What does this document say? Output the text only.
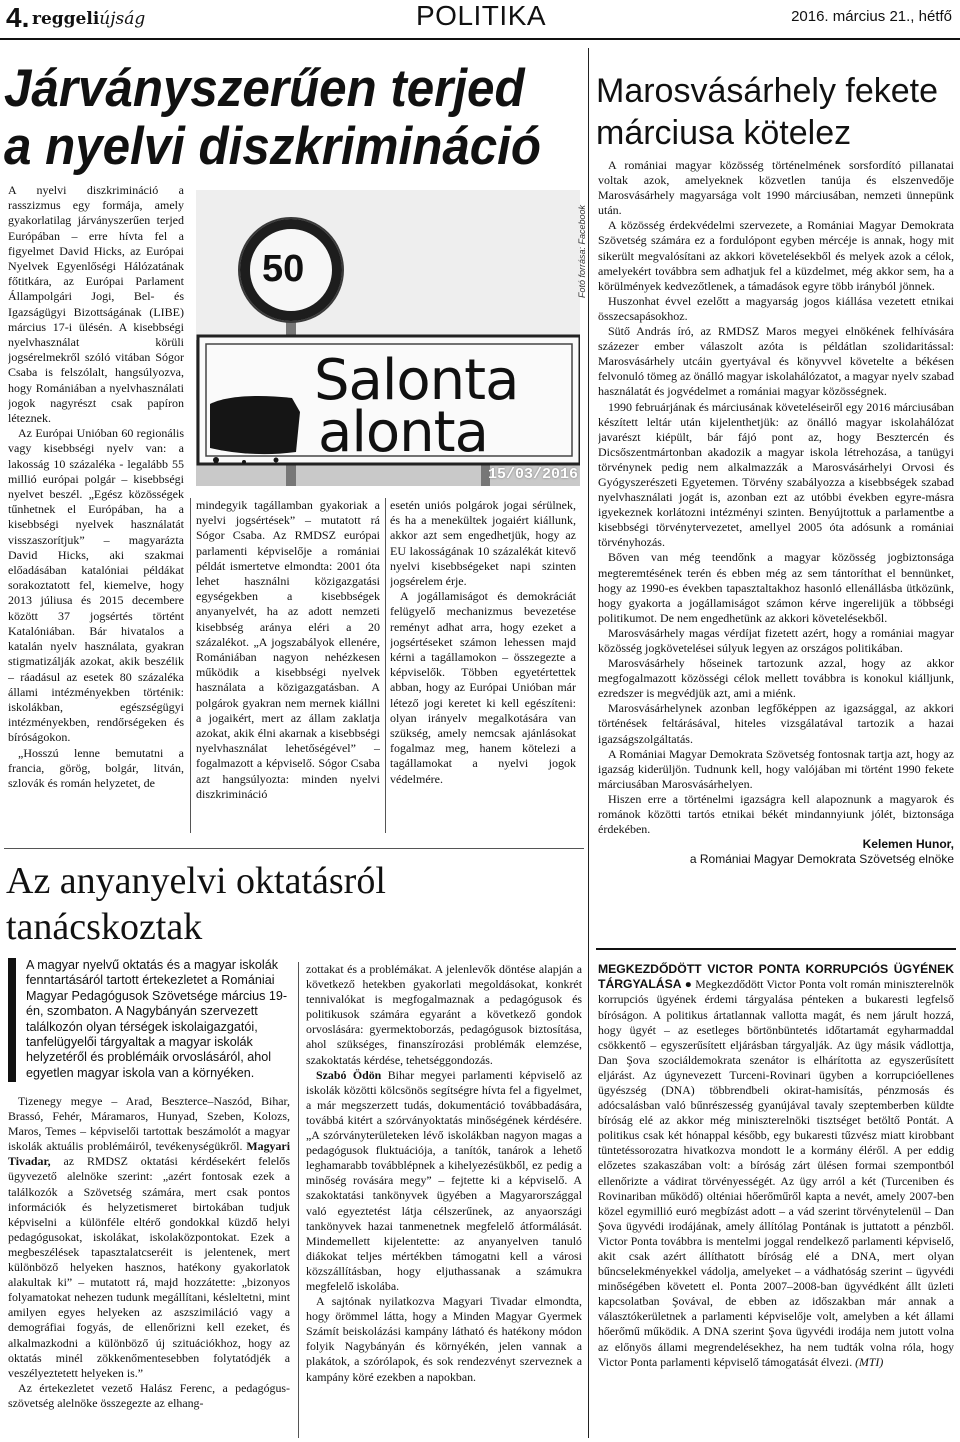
4. reggeliújság	POLITIKA	2016. március 21., hétfő
Járványszerűen terjed
a nyelvi diszkrimináció

A nyelvi diszkrimináció a rasszizmus egy formája, amely gyakorlatilag járványszerűen terjed Európában – erre hívta fel a figyelmet David Hicks, az Európai Nyelvek Egyenlőségi Hálózatának főtitkára, az Európai Parlament Állampolgári Jogi, Bel- és Igazságügyi Bizottságának (LIBE) március 17-i ülésén. A kisebbségi nyelvhasználat körüli jogsérelmekről szóló vitában Sógor Csaba is felszólalt, hangsúlyozva, hogy Romániában a nyelvhasználati jogok nagyrészt csak papíron léteznek.

Az Európai Unióban 60 regionális vagy kisebbségi nyelv van: a lakosság 10 százaléka - legalább 55 millió európai polgár – kisebbségi nyelvet beszél. „Egész közösségek tűnhetnek el Európában, ha a kisebbségi nyelvek használatát visszaszorítjuk” – magyarázta David Hicks, aki szakmai előadásában katalóniai példákat sorakoztatott fel, kiemelve, hogy 2013 júliusa és 2015 decembere között 37 jogsértés történt Katalóniában. Bár hivatalos a katalán nyelv használata, gyakran stigmatizálják azokat, akik beszélik – ráadásul az esetek 80 százaléka állami intézményekben történik: iskolákban, egészségügyi intézményekben, rendőrségeken és bíróságokon.

„Hosszú lenne bemutatni a francia, görög, bolgár, litván, szlovák és román helyzetet, de

50
Salonta
alonta
Fotó forrása: Facebook
15/03/2016

mindegyik tagállamban gyakoriak a nyelvi jogsértések” – mutatott rá Sógor Csaba. Az RMDSZ európai parlamenti képviselője a romániai példát ismertetve elmondta: 2001 óta lehet használni közigazgatási egységekben a kisebbségek anyanyelvét, ha az adott nemzeti kisebbség aránya eléri a 20 százalékot. „A jogszabályok ellenére, Romániában nagyon nehézkesen működik a kisebbségi nyelvek használata a közigazgatásban. A polgárok gyakran nem mernek kiállni a jogaikért, mert az állam zaklatja azokat, akik élni akarnak a kisebbségi nyelvhasználat lehetőségével” – fogalmazott a képviselő. Sógor Csaba azt hangsúlyozta: minden nyelvi diszkrimináció

esetén uniós polgárok jogai sérülnek, és ha a menekültek jogaiért kiállunk, akkor azt sem engedhetjük, hogy az EU lakosságának 10 százalékát kitevő nyelvi kisebbségeket napi szinten jogsérelem érje.

A jogállamiságot és demokráciát felügyelő mechanizmus bevezetése reményt adhat arra, hogy ezeket a jogsértéseket számon lehessen majd kérni a tagállamokon – összegezte a képviselők. Többen egyetértettek abban, hogy az Európai Unióban már létező jogi keretet ki kell egészíteni: olyan irányelv megalkotására van szükség, amely nemcsak ajánlásokat fogalmaz meg, hanem kötelezi a tagállamokat a nyelvi jogok védelmére.

Marosvásárhely fekete
márciusa kötelez

A romániai magyar közösség történelmének sorsfordító pillanatai voltak azok, amelyeknek közvetlen tanúja és elszenvedője Marosvásárhely magyarsága volt 1990 márciusában, nemzeti ünnepünk után.

A közösség érdekvédelmi szervezete, a Romániai Magyar Demokrata Szövetség számára ez a fordulópont egyben mércéje is annak, hogy mit sikerült megvalósítani az akkori követelésekből és melyek azok a célok, amelyekért továbbra sem adhatjuk fel a küzdelmet, még akkor sem, ha a körülmények kedvezőtlenek, a támadások egyre több irányból jönnek.

Huszonhat évvel ezelőtt a magyarság jogos kiállása vezetett etnikai összecsapásokhoz.

Sütő András író, az RMDSZ Maros megyei elnökének felhívására százezer ember válaszolt azóta is példátlan szolidaritással: Marosvásárhely utcáin gyertyával és könyvvel követelte a békésen felvonuló tömeg az önálló magyar iskolahálózatot, a magyar nyelv szabad használatát és jogvédelmet a romániai magyar közösségnek.

1990 februárjának és márciusának követeléseiről egy 2016 márciusában készített leltár után kijelenthetjük: az önálló magyar iskolahálózat javarészt kiépült, bár fájó pont az, hogy Besztercén és Dicsőszentmártonban akadozik a magyar iskola létrehozása, a tanügyi törvénynek pedig nem alkalmazzák a Marosvásárhelyi Orvosi és Gyógyszerészeti Egyetemen. Törvény szabályozza a kisebbségek szabad nyelvhasználati jogát is, azonban ezt az utóbbi években egyre-másra igyekeznek korlátozni intézményi szinten. Benyújtottuk a parlamentbe a kisebbségi törvénytervezetet, amellyel 2005 óta adósunk a romániai törvényhozás.

Bőven van még teendőnk a magyar közösség jogbiztonsága megteremtésének terén és ebben még az sem tántoríthat el bennünket, hogy az 1990-es években tapasztaltakhoz hasonló ellenállásba ütközünk, hogy gyakorta a jogállamiságot számon kérve ingerelijük a többségi politikumot. De nem engedhetünk az akkori követelésekből.

Marosvásárhely magas vérdíjat fizetett azért, hogy a romániai magyar közösség jogkövetelései súlyuk legyen az országos politikában.

Marosvásárhely hőseinek tartozunk azzal, hogy az akkor megfogalmazott közösségi célok mellett továbbra is konokul kiálljunk, ezredszer is megvédjük azt, ami a miénk.

Marosvásárhelynek azonban legfőképpen az igazsággal, az akkori történések feltárásával, hiteles vizsgálatával tartozik a hazai igazságszolgáltatás.

A Romániai Magyar Demokrata Szövetség fontosnak tartja azt, hogy az igazság kiderüljön. Tudnunk kell, hogy valójában mi történt 1990 fekete márciusában Marosvásárhelyen.

Hiszen erre a történelmi igazságra kell alapoznunk a magyarok és románok közötti tartós etnikai békét mindannyiunk jólét, biztonsága érdekében.

Kelemen Hunor,
a Romániai Magyar Demokrata Szövetség elnöke

MEGKEZDŐDÖTT VICTOR PONTA KORRUPCIÓS ÜGYÉNEK TÁRGYALÁSA ● Megkezdődött Victor Ponta volt román miniszterelnök korrupciós ügyének érdemi tárgyalása pénteken a bukaresti legfelső bíróságon. A politikus ártatlannak vallotta magát, és nem járult hozzá, hogy ügyét – az esetleges börtönbüntetés időtartamát egyharmaddal csökkentő – egyszerűsített eljárásban tárgyalják. Az ügy másik vádlottja, Dan Şova szociáldemokrata szenátor is elhárította az egyszerűsített eljárást. Az úgynevezett Turceni-Rovinari ügyben a korrupcióellenes ügyészség (DNA) többrendbeli okirat-hamisítás, pénzmosás és adócsalásban való bűnrészesség gyanújával tavaly szeptemberben küldte bíróság elé az akkor még miniszterelnöki tisztséget betöltő Pontát. A politikus csak két hónappal később, egy bukaresti tűzvész miatt kirobbant tüntetéssorozatra hivatkozva mondott le a kormány éléről. A per eddig előzetes szakaszában volt: a bíróság zárt ülésen formai szempontból ellenőrizte a vádirat törvényességét. Az ügy arról a két (Turceniben és Rovinariban működő) olténiai hőerőműről kapta a nevét, amely 2007-ben közel egymillió euró megbízást adott – a vád szerint törvénytelenül – Dan Şova ügyvédi irodájának, amely állítólag Pontának is juttatott a pénzből. Victor Ponta továbbra is mentelmi joggal rendelkező parlamenti képviselő, akit csak azért állíthatott bíróság elé a DNA, mert olyan bűncselekményekkel vádolja, amelyeket – a vádhatóság szerint – ügyvédi minőségében követett el. Ponta 2007–2008-ban ügyvédként állt üzleti kapcsolatban Şovával, de ebben az időszakban már annak a választókerületnek a parlamenti képviselője volt, amelyben a két állami hőerőmű működik. A DNA szerint Şova ügyvédi irodája nem jutott volna az előnyös állami megrendelésekhez, ha nem tudták volna róla, hogy Victor Ponta parlamenti képviselő támogatását élvezi. (MTI)

Az anyanyelvi oktatásról
tanácskoztak
A magyar nyelvű oktatás és a magyar iskolák fenntartásáról tartott értekezletet a Romániai Magyar Pedagógusok Szövetsége március 19-én, szombaton. A Nagybányán szervezett találkozón olyan térségek iskolaigazgatói, tanfelügyelői tárgyaltak a magyar iskolák helyzetéről és problémáik orvoslásáról, ahol egyetlen magyar iskola van a környéken.

Tizenegy megye – Arad, Beszterce–Naszód, Bihar, Brassó, Fehér, Máramaros, Hunyad, Szeben, Kolozs, Maros, Temes – képviselői tartottak beszámolót a magyar iskolák aktuális problémáiról, tevékenységükről. Magyari Tivadar, az RMDSZ oktatási kérdésekért felelős ügyvezető alelnöke szerint: „azért fontosak ezek a találkozók a Szövetség számára, mert csak pontos információk és helyzetismeret birtokában tudjuk képviselni a különféle eltérő gondokkal küzdő helyi pedagógusokat, iskolákat, iskolaközpontokat. Ezek a megbeszélések tapasztalatcseréit is jelentenek, mert különböző helyeken hasznos, hatékony gyakorlatok alakultak ki” – mutatott rá, majd hozzátette: „bizonyos folyamatokat nehezen tudunk megállítani, késleltetni, mint amilyen egyes helyeken az aszszimiláció vagy a demográfiai fogyás, de ellenőrizni kell ezeket, és alkalmazkodni a különböző új szituációkhoz, hogy az oktatás minél zökkenőmentesebben folytatódjék a veszélyeztetett helyeken is.”

Az értekezletet vezető Halász Ferenc, a pedagógus-szövetség alelnöke összegezte az elhang-

zottakat és a problémákat. A jelenlevők döntése alapján a következő hetekben gyakorlati megoldásokat, konkrét tennivalókat is megfogalmaznak a pedagógusok és politikusok számára egyaránt a következő gondok orvoslására: gyermektoborzás, pedagógusok biztosítása, ahol szükséges, finanszírozási problémák elemzése, szakoktatás kérdése, tehetséggondozás.

Szabó Ödön Bihar megyei parlamenti képviselő az iskolák közötti kölcsönös segítségre hívta fel a figyelmet, a már megszerzett tudás, dokumentáció továbbadására, továbbá kitért a szórványoktatás minőségének kérdésére. „A szórványterületeken lévő iskolákban nagyon magas a pedagógusok fluktuációja, a tanítók, tanárok a lehető leghamarabb továbblépnek a kihelyezésükből, ez pedig a minőség rovására megy” – fejtette ki a képviselő. A szakoktatási tankönyvek ügyében a Magyarországgal való egyeztetést látja célszerűnek, az anyaországi tankönyvek hazai tanmenetnek megfelelő átformálását. Mindemellett kijelentette: az anyanyelven tanuló diákokat teljes mértékben támogatni kell a városi közszállításban, hogy eljuthassanak a számukra megfelelő iskolába.

A sajtónak nyilatkozva Magyari Tivadar elmondta, hogy örömmel látta, hogy a Minden Magyar Gyermek Számít beiskolázási kampány látható és hatékony módon folyik Nagybányán és környékén, jelen vannak a plakátok, a szórólapok, és sok rendezvényt szerveznek a kampány köré ezekben a napokban.
